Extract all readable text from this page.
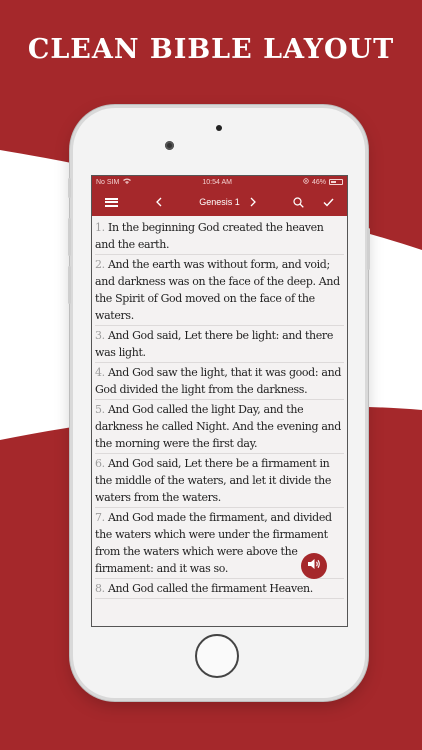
CLEAN BIBLE LAYOUT
No SIM	10:54 AM	46%
Genesis 1
1. In the beginning God created the heaven and the earth.
2. And the earth was without form, and void; and darkness was on the face of the deep. And the Spirit of God moved on the face of the waters.
3. And God said, Let there be light: and there was light.
4. And God saw the light, that it was good: and God divided the light from the darkness.
5. And God called the light Day, and the darkness he called Night. And the evening and the morning were the first day.
6. And God said, Let there be a firmament in the middle of the waters, and let it divide the waters from the waters.
7. And God made the firmament, and divided the waters which were under the firmament from the waters which were above the firmament: and it was so.
8. And God called the firmament Heaven.
